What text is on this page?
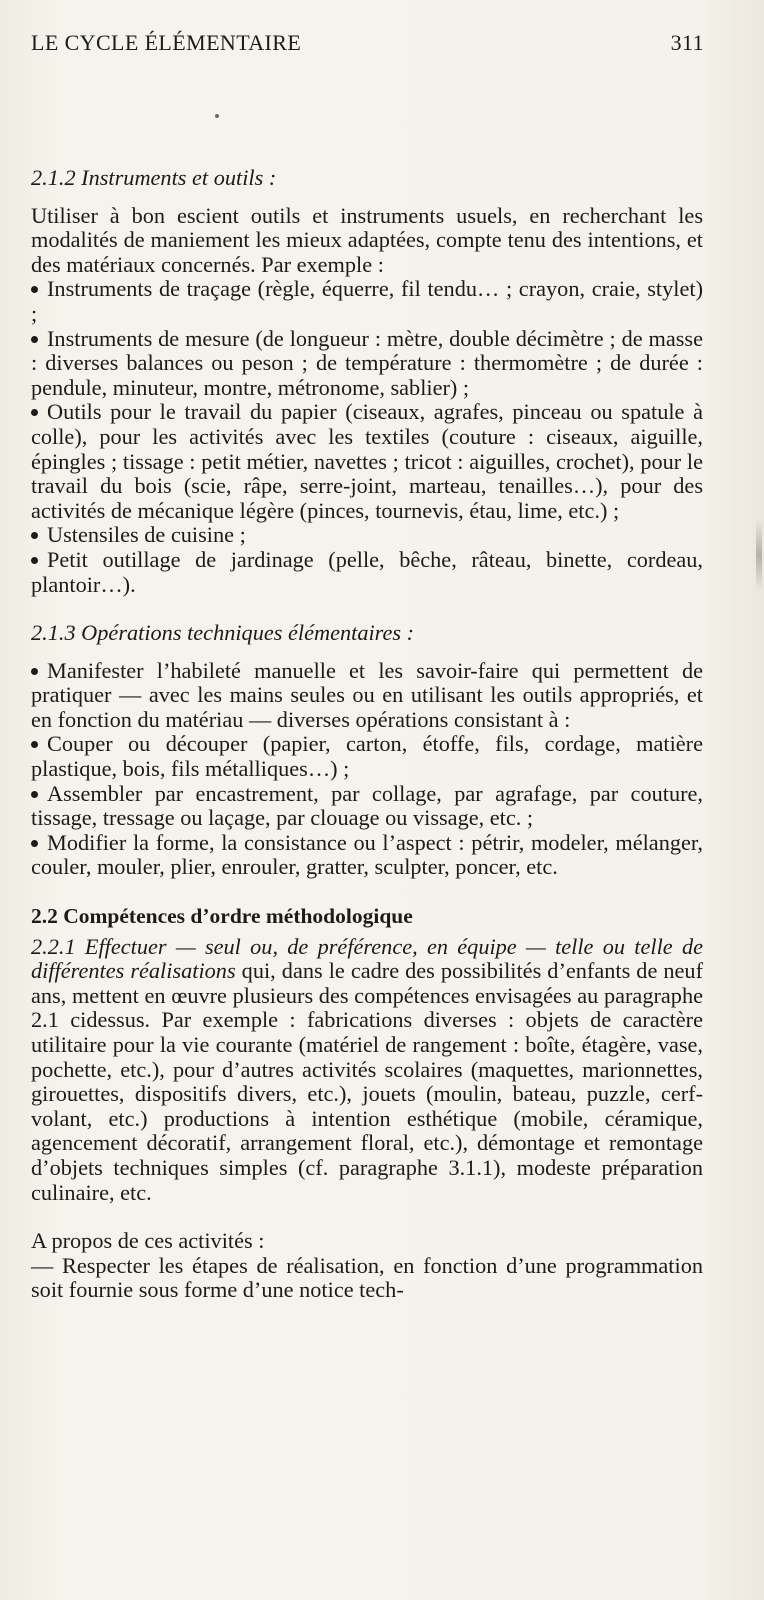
LE CYCLE ÉLÉMENTAIRE	311

2.1.2 Instruments et outils :

Utiliser à bon escient outils et instruments usuels, en recherchant les modalités de maniement les mieux adaptées, compte tenu des intentions, et des matériaux concernés. Par exemple :

Instruments de traçage (règle, équerre, fil tendu… ; crayon, craie, stylet) ;

Instruments de mesure (de longueur : mètre, double décimètre ; de masse : diverses balances ou peson ; de température : thermomètre ; de durée : pendule, minuteur, montre, métronome, sablier) ;

Outils pour le travail du papier (ciseaux, agrafes, pinceau ou spatule à colle), pour les activités avec les textiles (couture : ciseaux, aiguille, épingles ; tissage : petit métier, navettes ; tricot : aiguilles, crochet), pour le travail du bois (scie, râpe, serre-joint, marteau, tenailles…), pour des activités de mécanique légère (pinces, tournevis, étau, lime, etc.) ;

Ustensiles de cuisine ;

Petit outillage de jardinage (pelle, bêche, râteau, binette, cordeau, plantoir…).

2.1.3 Opérations techniques élémentaires :

Manifester l’habileté manuelle et les savoir-faire qui permettent de pratiquer — avec les mains seules ou en utilisant les outils appropriés, et en fonction du matériau — diverses opérations consistant à :

Couper ou découper (papier, carton, étoffe, fils, cordage, matière plastique, bois, fils métalliques…) ;

Assembler par encastrement, par collage, par agrafage, par couture, tissage, tressage ou laçage, par clouage ou vissage, etc. ;

Modifier la forme, la consistance ou l’aspect : pétrir, modeler, mélanger, couler, mouler, plier, enrouler, gratter, sculpter, poncer, etc.

2.2 Compétences d’ordre méthodologique

2.2.1 Effectuer — seul ou, de préférence, en équipe — telle ou telle de différentes réalisations qui, dans le cadre des possibilités d’enfants de neuf ans, mettent en œuvre plusieurs des compétences envisagées au paragraphe 2.1 cidessus. Par exemple : fabrications diverses : objets de caractère utilitaire pour la vie courante (matériel de rangement : boîte, étagère, vase, pochette, etc.), pour d’autres activités scolaires (maquettes, marionnettes, girouettes, dispositifs divers, etc.), jouets (moulin, bateau, puzzle, cerf-volant, etc.) productions à intention esthétique (mobile, céramique, agencement décoratif, arrangement floral, etc.), démontage et remontage d’objets techniques simples (cf. paragraphe 3.1.1), modeste préparation culinaire, etc.

A propos de ces activités :

— Respecter les étapes de réalisation, en fonction d’une programmation soit fournie sous forme d’une notice tech-
